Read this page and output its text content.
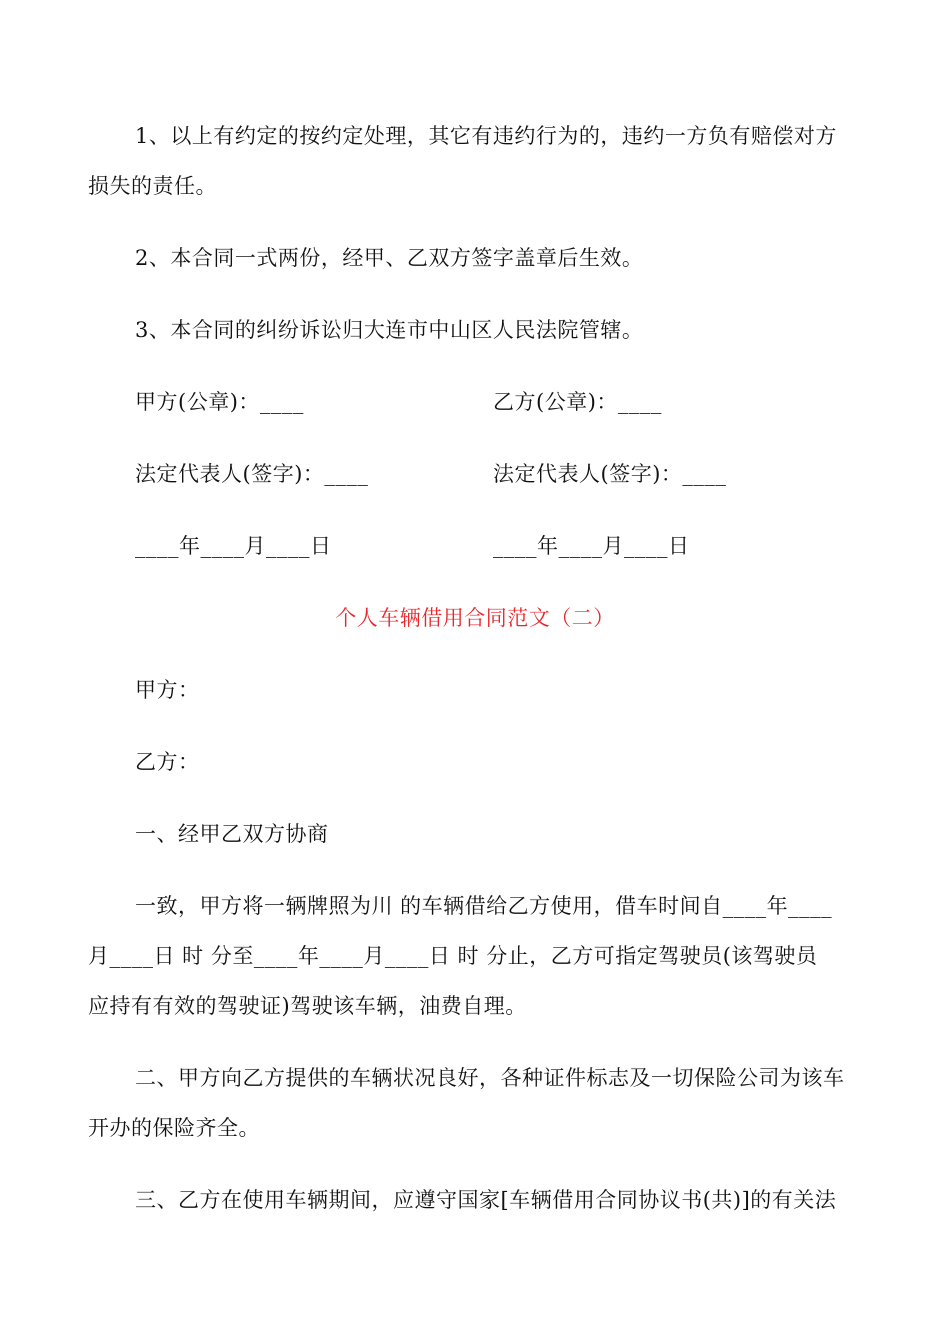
1、以上有约定的按约定处理，其它有违约行为的，违约一方负有赔偿对方
损失的责任。
2、本合同一式两份，经甲、乙双方签字盖章后生效。
3、本合同的纠纷诉讼归大连市中山区人民法院管辖。
甲方(公章)：____	乙方(公章)：____
法定代表人(签字)：____	法定代表人(签字)：____
____年____月____日	____年____月____日
个人车辆借用合同范文（二）
甲方：
乙方：
一、经甲乙双方协商
一致，甲方将一辆牌照为川 的车辆借给乙方使用，借车时间自____年____
月____日 时 分至____年____月____日 时 分止，乙方可指定驾驶员(该驾驶员
应持有有效的驾驶证)驾驶该车辆，油费自理。
二、甲方向乙方提供的车辆状况良好，各种证件标志及一切保险公司为该车
开办的保险齐全。
三、乙方在使用车辆期间，应遵守国家[车辆借用合同协议书(共)]的有关法
